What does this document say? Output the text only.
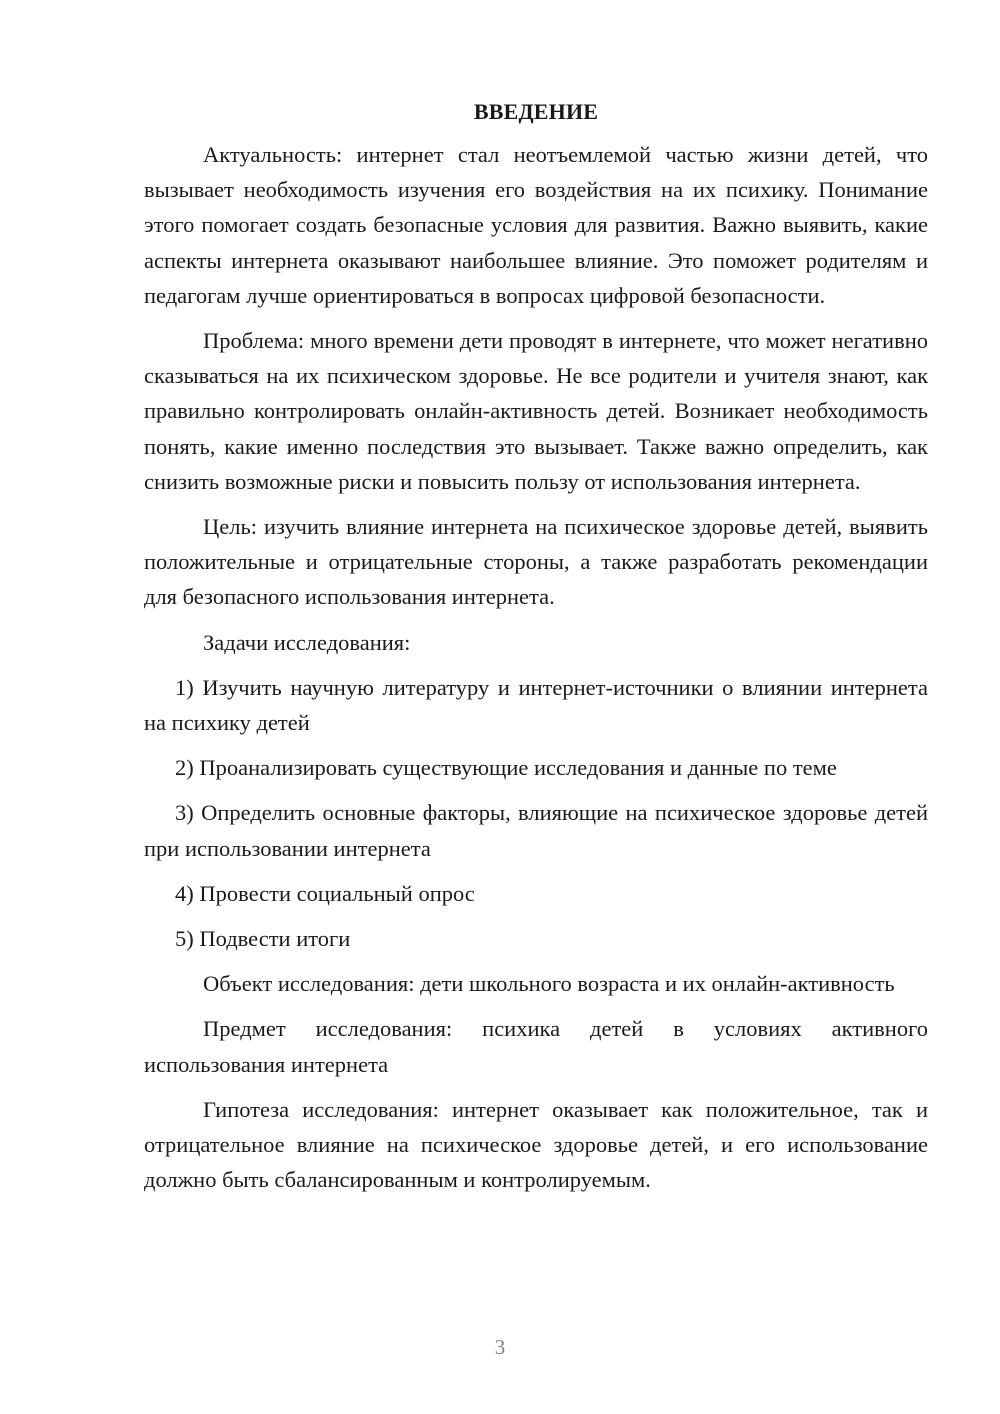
ВВЕДЕНИЕ

Актуальность: интернет стал неотъемлемой частью жизни детей, что вызывает необходимость изучения его воздействия на их психику. Понимание этого помогает создать безопасные условия для развития. Важно выявить, какие аспекты интернета оказывают наибольшее влияние. Это поможет родителям и педагогам лучше ориентироваться в вопросах цифровой безопасности.

Проблема: много времени дети проводят в интернете, что может негативно сказываться на их психическом здоровье. Не все родители и учителя знают, как правильно контролировать онлайн-активность детей. Возникает необходимость понять, какие именно последствия это вызывает. Также важно определить, как снизить возможные риски и повысить пользу от использования интернета.

Цель: изучить влияние интернета на психическое здоровье детей, выявить положительные и отрицательные стороны, а также разработать рекомендации для безопасного использования интернета.

Задачи исследования:

1) Изучить научную литературу и интернет-источники о влиянии интернета на психику детей

2) Проанализировать существующие исследования и данные по теме

3) Определить основные факторы, влияющие на психическое здоровье детей при использовании интернета

4) Провести социальный опрос

5) Подвести итоги

Объект исследования: дети школьного возраста и их онлайн-активность

Предмет исследования: психика детей в условиях активного использования интернета

Гипотеза исследования: интернет оказывает как положительное, так и отрицательное влияние на психическое здоровье детей, и его использование должно быть сбалансированным и контролируемым.

3
